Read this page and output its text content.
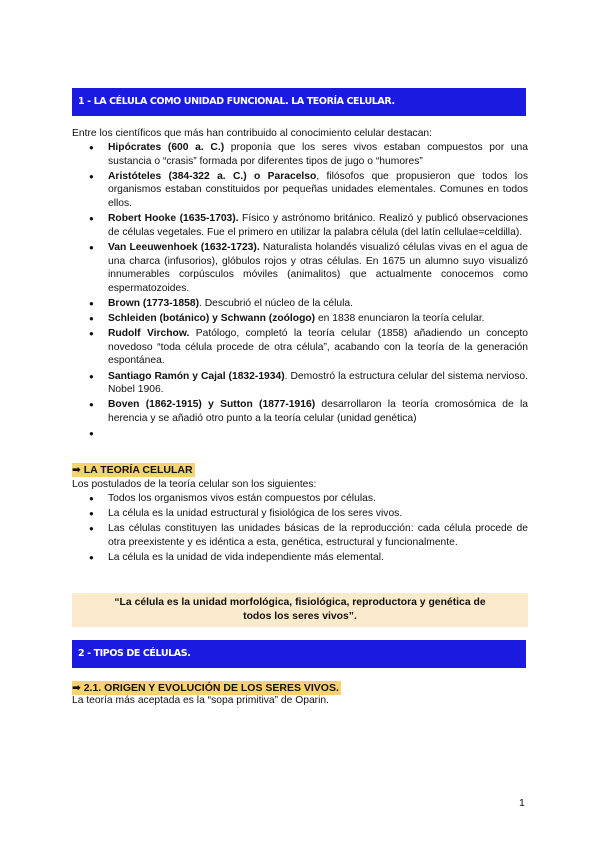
1 - LA CÉLULA COMO UNIDAD FUNCIONAL. LA TEORÍA CELULAR.
Entre los científicos que más han contribuido al conocimiento celular destacan:
● Hipócrates (600 a. C.) proponía que los seres vivos estaban compuestos por una sustancia o “crasis” formada por diferentes tipos de jugo o “humores”
● Aristóteles (384-322 a. C.) o Paracelso, filósofos que propusieron que todos los organismos estaban constituidos por pequeñas unidades elementales. Comunes en todos ellos.
● Robert Hooke (1635-1703). Físico y astrónomo británico. Realizó y publicó observaciones de células vegetales. Fue el primero en utilizar la palabra célula (del latín cellulae=celdilla).
● Van Leeuwenhoek (1632-1723). Naturalista holandés visualizó células vivas en el agua de una charca (infusorios), glóbulos rojos y otras células. En 1675 un alumno suyo visualizó innumerables corpúsculos móviles (animalitos) que actualmente conocemos como espermatozoides.
● Brown (1773-1858). Descubrió el núcleo de la célula.
● Schleiden (botánico) y Schwann (zoólogo) en 1838 enunciaron la teoría celular.
● Rudolf Virchow. Patólogo, completó la teoría celular (1858) añadiendo un concepto novedoso “toda célula procede de otra célula”, acabando con la teoría de la generación espontánea.
● Santiago Ramón y Cajal (1832-1934). Demostró la estructura celular del sistema nervioso. Nobel 1906.
● Boven (1862-1915) y Sutton (1877-1916) desarrollaron la teoría cromosómica de la herencia y se añadió otro punto a la teoría celular (unidad genética)
●
➡ LA TEORÍA CELULAR
Los postulados de la teoría celular son los siguientes:
● Todos los organismos vivos están compuestos por células.
● La célula es la unidad estructural y fisiológica de los seres vivos.
● Las células constituyen las unidades básicas de la reproducción: cada célula procede de otra preexistente y es idéntica a esta, genética, estructural y funcionalmente.
● La célula es la unidad de vida independiente más elemental.
“La célula es la unidad morfológica, fisiológica, reproductora y genética de todos los seres vivos”.
2 - TIPOS DE CÉLULAS.
➡ 2.1. ORIGEN Y EVOLUCIÓN DE LOS SERES VIVOS.
La teoría más aceptada es la “sopa primitiva” de Oparin.
1
